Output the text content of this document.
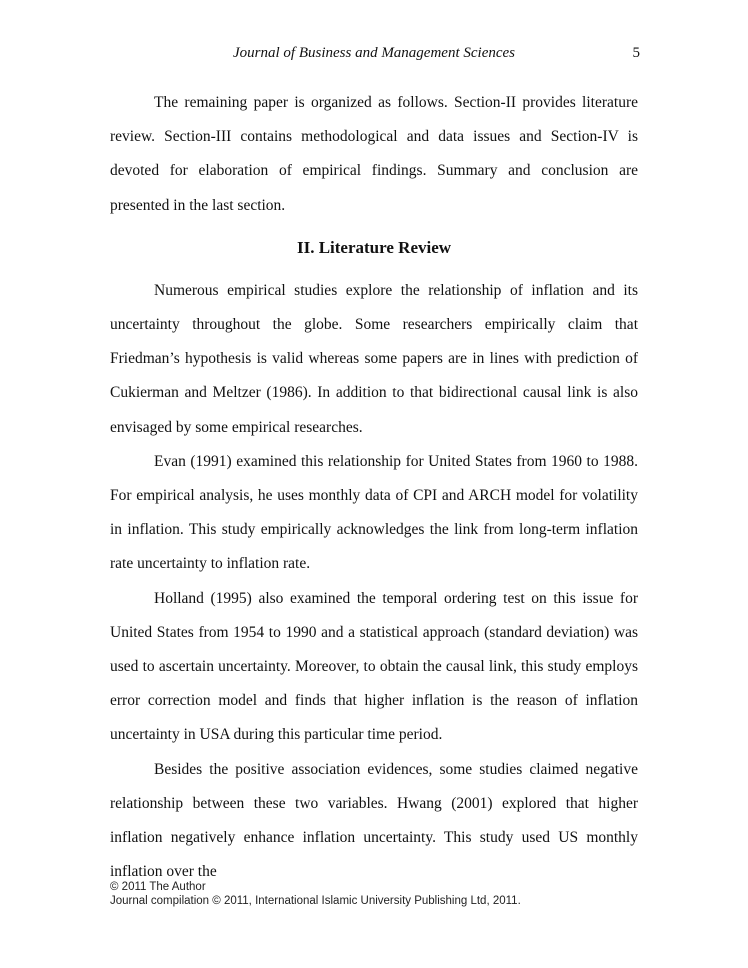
Journal of Business and Management Sciences	5

The remaining paper is organized as follows. Section-II provides literature review. Section-III contains methodological and data issues and Section-IV is devoted for elaboration of empirical findings. Summary and conclusion are presented in the last section.

II. Literature Review

Numerous empirical studies explore the relationship of inflation and its uncertainty throughout the globe. Some researchers empirically claim that Friedman’s hypothesis is valid whereas some papers are in lines with prediction of Cukierman and Meltzer (1986). In addition to that bidirectional causal link is also envisaged by some empirical researches.

Evan (1991) examined this relationship for United States from 1960 to 1988. For empirical analysis, he uses monthly data of CPI and ARCH model for volatility in inflation. This study empirically acknowledges the link from long-term inflation rate uncertainty to inflation rate.

Holland (1995) also examined the temporal ordering test on this issue for United States from 1954 to 1990 and a statistical approach (standard deviation) was used to ascertain uncertainty. Moreover, to obtain the causal link, this study employs error correction model and finds that higher inflation is the reason of inflation uncertainty in USA during this particular time period.

Besides the positive association evidences, some studies claimed negative relationship between these two variables. Hwang (2001) explored that higher inflation negatively enhance inflation uncertainty. This study used US monthly inflation over the

© 2011 The Author
Journal compilation © 2011, International Islamic University Publishing Ltd, 2011.
